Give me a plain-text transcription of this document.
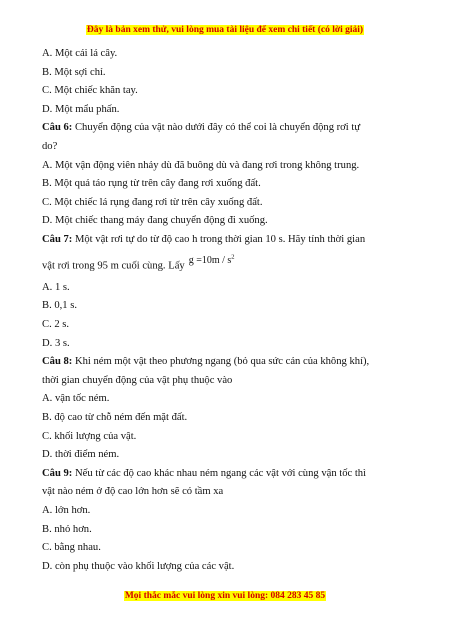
Đây là bản xem thử, vui lòng mua tài liệu để xem chi tiết (có lời giải)
A. Một cái lá cây.
B. Một sợi chỉ.
C. Một chiếc khăn tay.
D. Một mẩu phấn.
Câu 6: Chuyển động của vật nào dưới đây có thể coi là chuyển động rơi tự
do?
A. Một vận động viên nhảy dù đã buông dù và đang rơi trong không trung.
B. Một quả táo rụng từ trên cây đang rơi xuống đất.
C. Một chiếc lá rụng đang rơi từ trên cây xuống đất.
D. Một chiếc thang máy đang chuyển động đi xuống.
Câu 7: Một vật rơi tự do từ độ cao h trong thời gian 10 s. Hãy tính thời gian
vật rơi trong 95 m cuối cùng. Lấy $g =10m / s^2$
A. 1 s.
B. 0,1 s.
C. 2 s.
D. 3 s.
Câu 8: Khi ném một vật theo phương ngang (bỏ qua sức cản của không khí),
thời gian chuyển động của vật phụ thuộc vào
A. vận tốc ném.
B. độ cao từ chỗ ném đến mặt đất.
C. khối lượng của vật.
D. thời điểm ném.
Câu 9: Nếu từ các độ cao khác nhau ném ngang các vật với cùng vận tốc thì
vật nào ném ở độ cao lớn hơn sẽ có tầm xa
A. lớn hơn.
B. nhỏ hơn.
C. bằng nhau.
D. còn phụ thuộc vào khối lượng của các vật.
Mọi thắc mắc vui lòng xin vui lòng: 084 283 45 85
